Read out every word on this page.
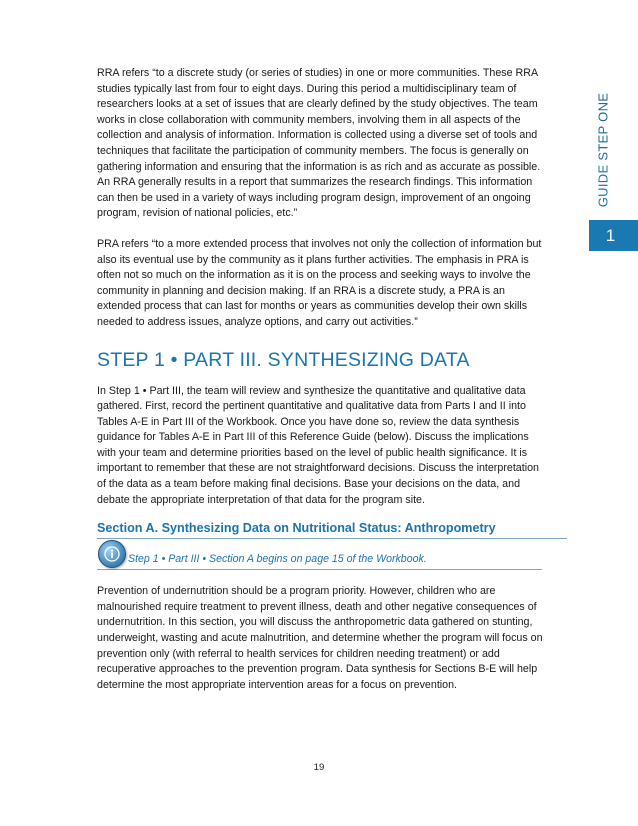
GUIDE STEP ONE
1

RRA refers “to a discrete study (or series of studies) in one or more communities. These RRA studies typically last from four to eight days. During this period a multidisciplinary team of researchers looks at a set of issues that are clearly defined by the study objectives. The team works in close collaboration with community members, involving them in all aspects of the collection and analysis of information. Information is collected using a diverse set of tools and techniques that facilitate the participation of community members. The focus is generally on gathering information and ensuring that the information is as rich and as accurate as possible. An RRA generally results in a report that summarizes the research findings. This information can then be used in a variety of ways including program design, improvement of an ongoing program, revision of national policies, etc.”

PRA refers “to a more extended process that involves not only the collection of information but also its eventual use by the community as it plans further activities. The emphasis in PRA is often not so much on the information as it is on the process and seeking ways to involve the community in planning and decision making. If an RRA is a discrete study, a PRA is an extended process that can last for months or years as communities develop their own skills needed to address issues, analyze options, and carry out activities.”

STEP 1 • PART III. SYNTHESIZING DATA

In Step 1 • Part III, the team will review and synthesize the quantitative and qualitative data gathered. First, record the pertinent quantitative and qualitative data from Parts I and II into Tables A-E in Part III of the Workbook. Once you have done so, review the data synthesis guidance for Tables A-E in Part III of this Reference Guide (below). Discuss the implications with your team and determine priorities based on the level of public health significance. It is important to remember that these are not straightforward decisions. Discuss the interpretation of the data as a team before making final decisions. Base your decisions on the data, and debate the appropriate interpretation of that data for the program site.

Section A. Synthesizing Data on Nutritional Status: Anthropometry
Step 1 • Part III • Section A begins on page 15 of the Workbook.

Prevention of undernutrition should be a program priority. However, children who are malnourished require treatment to prevent illness, death and other negative consequences of undernutrition. In this section, you will discuss the anthropometric data gathered on stunting, underweight, wasting and acute malnutrition, and determine whether the program will focus on prevention only (with referral to health services for children needing treatment) or add recuperative approaches to the prevention program. Data synthesis for Sections B-E will help determine the most appropriate intervention areas for a focus on prevention.

19
